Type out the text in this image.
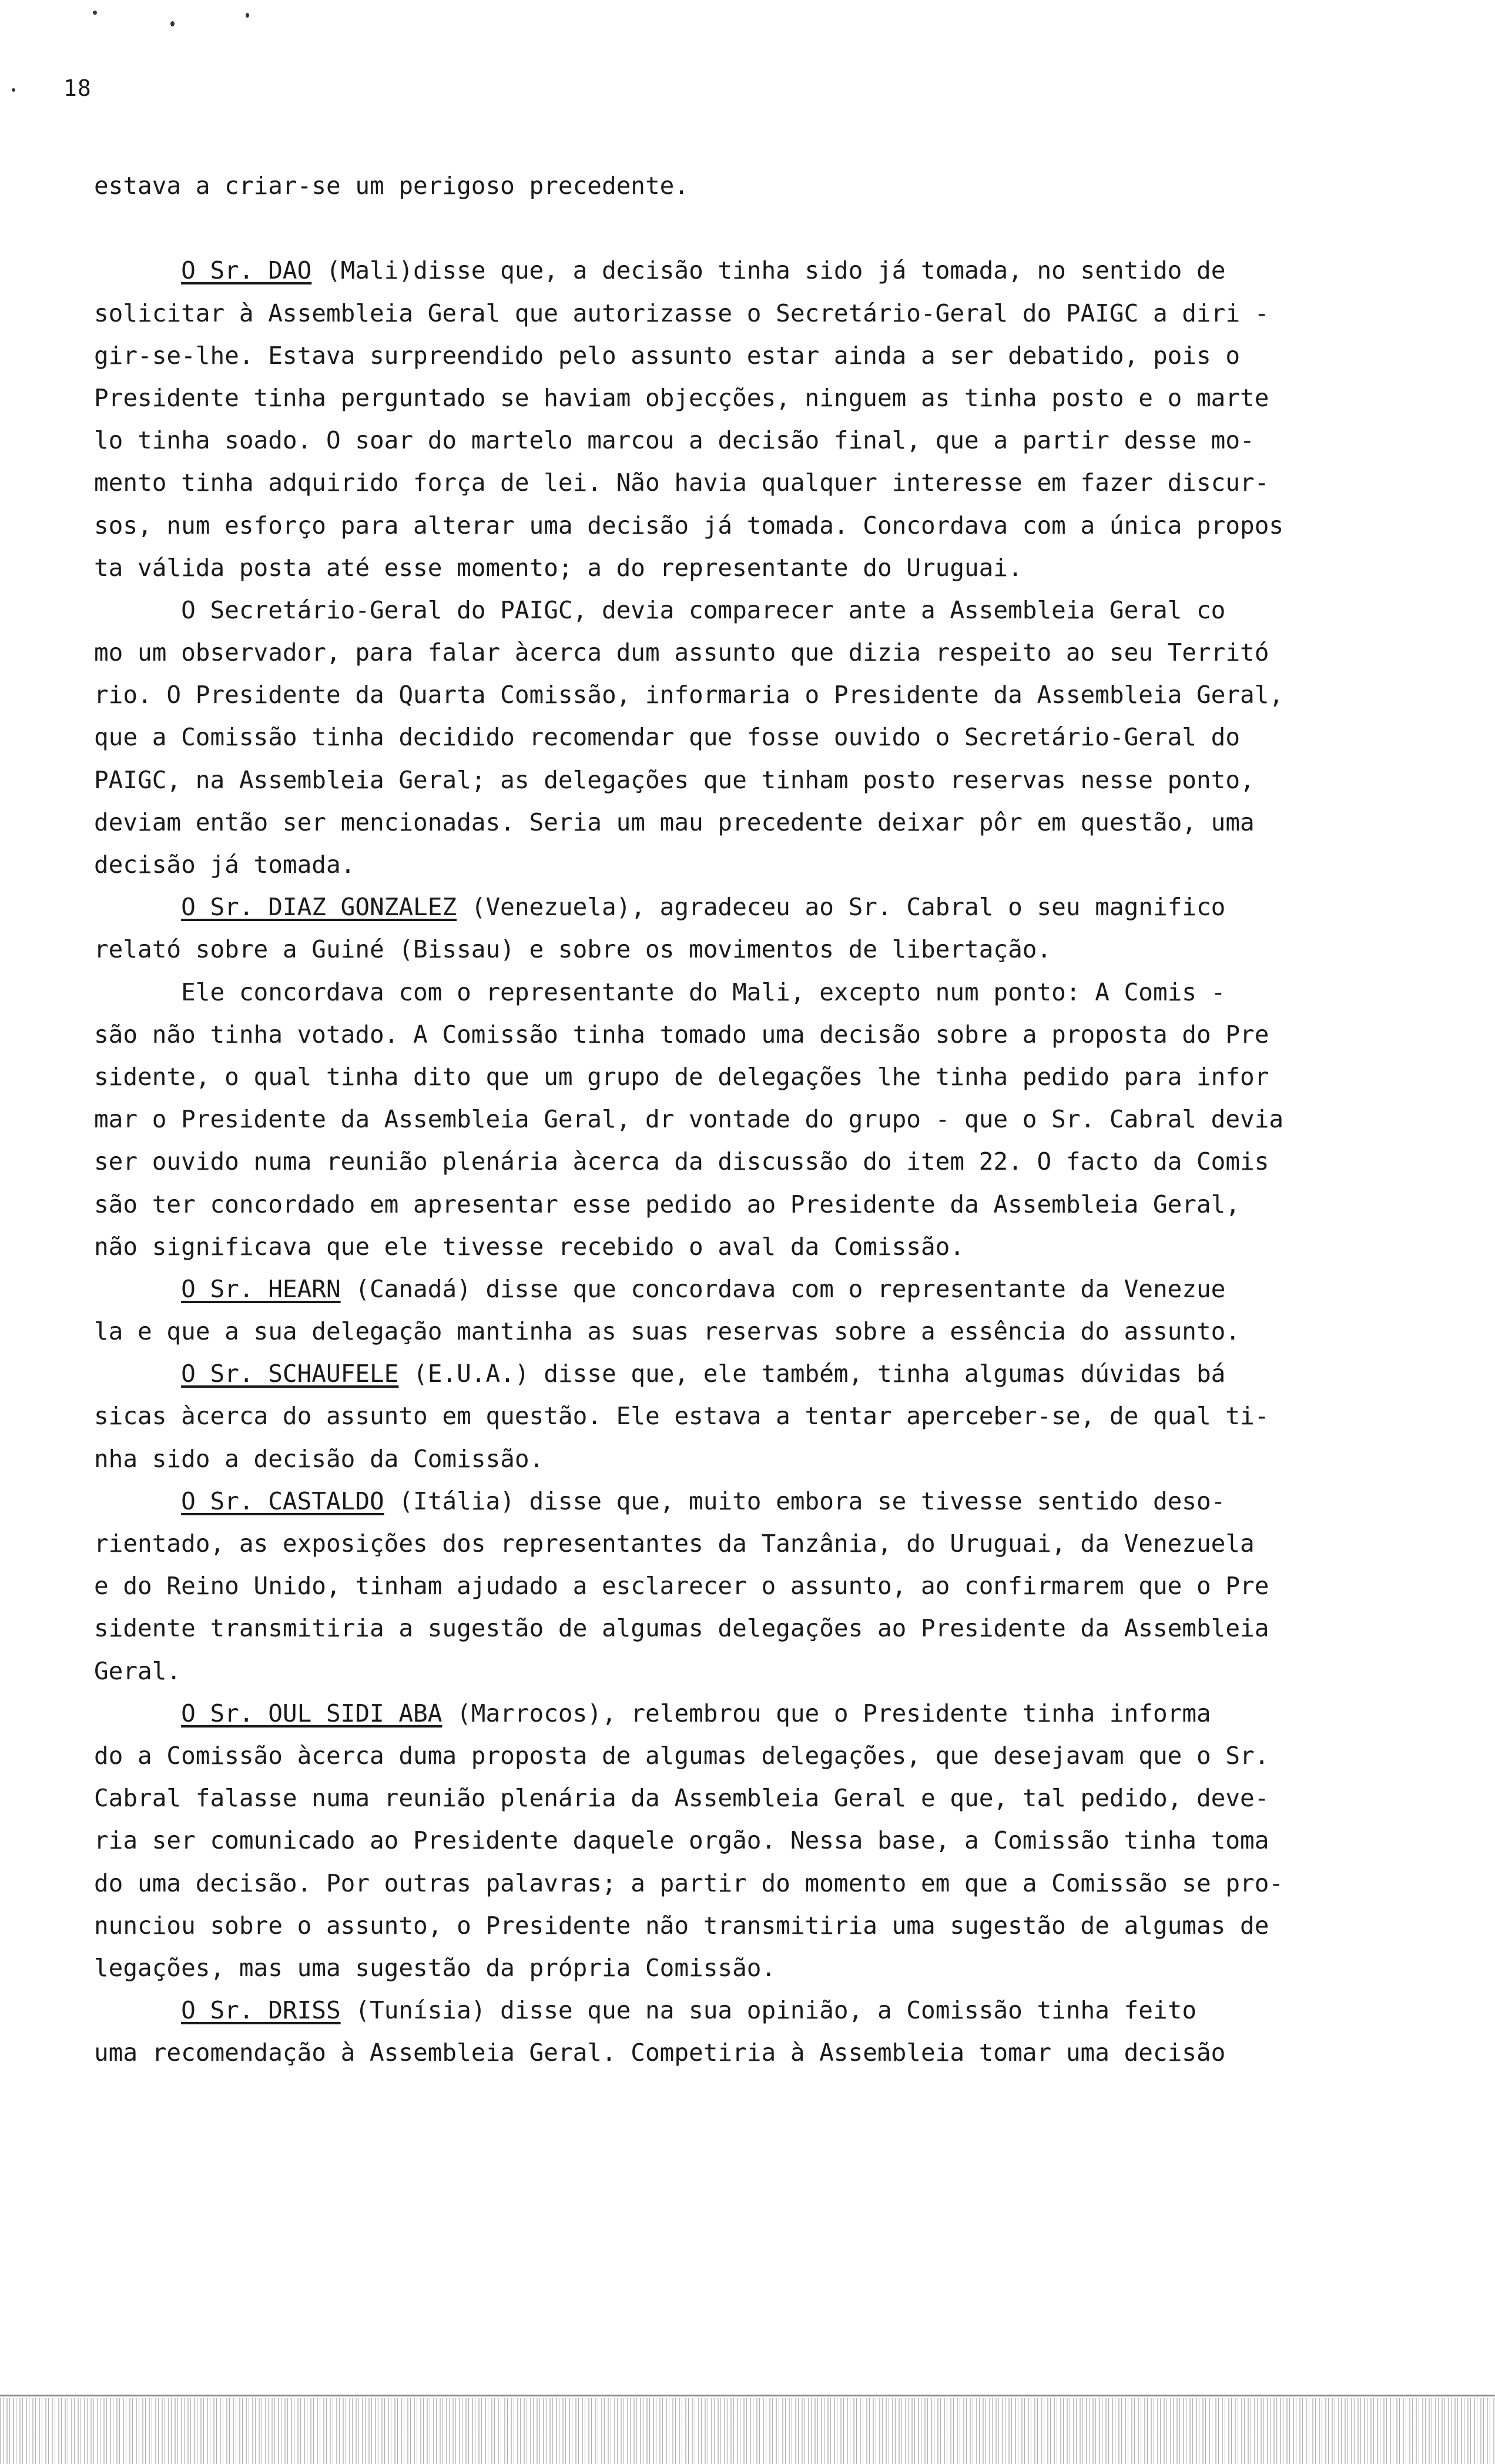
18
estava a criar-se um perigoso precedente.
O Sr. DAO (Mali)disse que, a decisão tinha sido já tomada, no sentido de
solicitar à Assembleia Geral que autorizasse o Secretário-Geral do PAIGC a diri -
gir-se-lhe. Estava surpreendido pelo assunto estar ainda a ser debatido, pois o
Presidente tinha perguntado se haviam objecções, ninguem as tinha posto e o marte
lo tinha soado. O soar do martelo marcou a decisão final, que a partir desse mo-
mento tinha adquirido força de lei. Não havia qualquer interesse em fazer discur-
sos, num esforço para alterar uma decisão já tomada. Concordava com a única propos
ta válida posta até esse momento; a do representante do Uruguai.
O Secretário-Geral do PAIGC, devia comparecer ante a Assembleia Geral co
mo um observador, para falar àcerca dum assunto que dizia respeito ao seu Territó
rio. O Presidente da Quarta Comissão, informaria o Presidente da Assembleia Geral,
que a Comissão tinha decidido recomendar que fosse ouvido o Secretário-Geral do
PAIGC, na Assembleia Geral; as delegações que tinham posto reservas nesse ponto,
deviam então ser mencionadas. Seria um mau precedente deixar pôr em questão, uma
decisão já tomada.
O Sr. DIAZ GONZALEZ (Venezuela), agradeceu ao Sr. Cabral o seu magnifico
relató sobre a Guiné (Bissau) e sobre os movimentos de libertação.
Ele concordava com o representante do Mali, excepto num ponto: A Comis -
são não tinha votado. A Comissão tinha tomado uma decisão sobre a proposta do Pre
sidente, o qual tinha dito que um grupo de delegações lhe tinha pedido para infor
mar o Presidente da Assembleia Geral, dr vontade do grupo - que o Sr. Cabral devia
ser ouvido numa reunião plenária àcerca da discussão do item 22. O facto da Comis
são ter concordado em apresentar esse pedido ao Presidente da Assembleia Geral,
não significava que ele tivesse recebido o aval da Comissão.
O Sr. HEARN (Canadá) disse que concordava com o representante da Venezue
la e que a sua delegação mantinha as suas reservas sobre a essência do assunto.
O Sr. SCHAUFELE (E.U.A.) disse que, ele também, tinha algumas dúvidas bá
sicas àcerca do assunto em questão. Ele estava a tentar aperceber-se, de qual ti-
nha sido a decisão da Comissão.
O Sr. CASTALDO (Itália) disse que, muito embora se tivesse sentido deso-
rientado, as exposições dos representantes da Tanzânia, do Uruguai, da Venezuela
e do Reino Unido, tinham ajudado a esclarecer o assunto, ao confirmarem que o Pre
sidente transmitiria a sugestão de algumas delegações ao Presidente da Assembleia
Geral.
O Sr. OUL SIDI ABA (Marrocos), relembrou que o Presidente tinha informa
do a Comissão àcerca duma proposta de algumas delegações, que desejavam que o Sr.
Cabral falasse numa reunião plenária da Assembleia Geral e que, tal pedido, deve-
ria ser comunicado ao Presidente daquele orgão. Nessa base, a Comissão tinha toma
do uma decisão. Por outras palavras; a partir do momento em que a Comissão se pro-
nunciou sobre o assunto, o Presidente não transmitiria uma sugestão de algumas de
legações, mas uma sugestão da própria Comissão.
O Sr. DRISS (Tunísia) disse que na sua opinião, a Comissão tinha feito
uma recomendação à Assembleia Geral. Competiria à Assembleia tomar uma decisão
